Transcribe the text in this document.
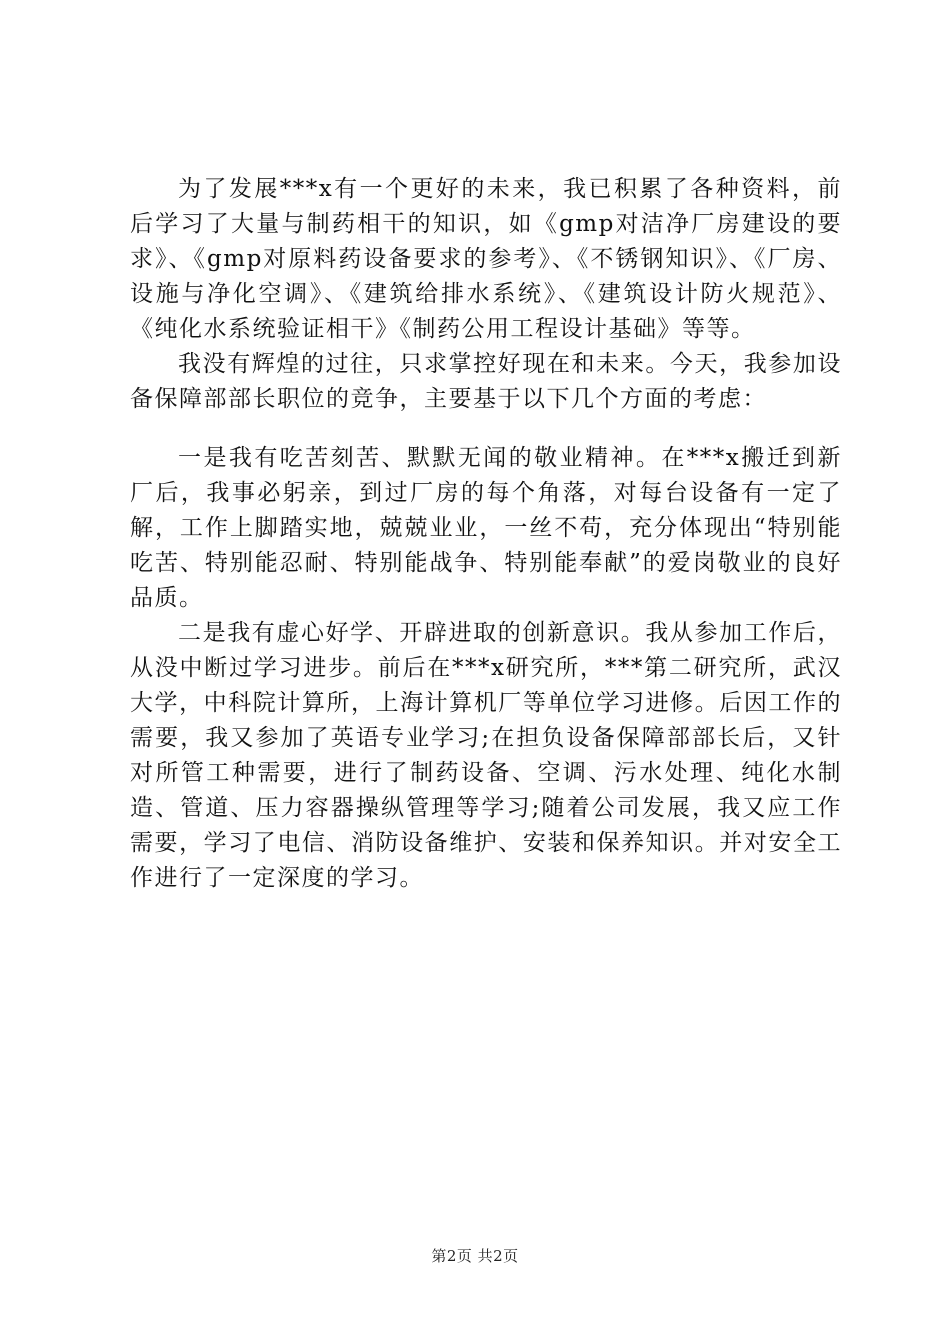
为了发展***x有一个更好的未来，我已积累了各种资料，前后学习了大量与制药相干的知识，如《gmp对洁净厂房建设的要求》、《gmp对原料药设备要求的参考》、《不锈钢知识》、《厂房、设施与净化空调》、《建筑给排水系统》、《建筑设计防火规范》、《纯化水系统验证相干》《制药公用工程设计基础》等等。

我没有辉煌的过往，只求掌控好现在和未来。今天，我参加设备保障部部长职位的竞争，主要基于以下几个方面的考虑：

一是我有吃苦刻苦、默默无闻的敬业精神。在***x搬迁到新厂后，我事必躬亲，到过厂房的每个角落，对每台设备有一定了解，工作上脚踏实地，兢兢业业，一丝不苟，充分体现出“特别能吃苦、特别能忍耐、特别能战争、特别能奉献”的爱岗敬业的良好品质。

二是我有虚心好学、开辟进取的创新意识。我从参加工作后，从没中断过学习进步。前后在***x研究所，***第二研究所，武汉大学，中科院计算所，上海计算机厂等单位学习进修。后因工作的需要，我又参加了英语专业学习;在担负设备保障部部长后，又针对所管工种需要，进行了制药设备、空调、污水处理、纯化水制造、管道、压力容器操纵管理等学习;随着公司发展，我又应工作需要，学习了电信、消防设备维护、安装和保养知识。并对安全工作进行了一定深度的学习。

第2页 共2页
